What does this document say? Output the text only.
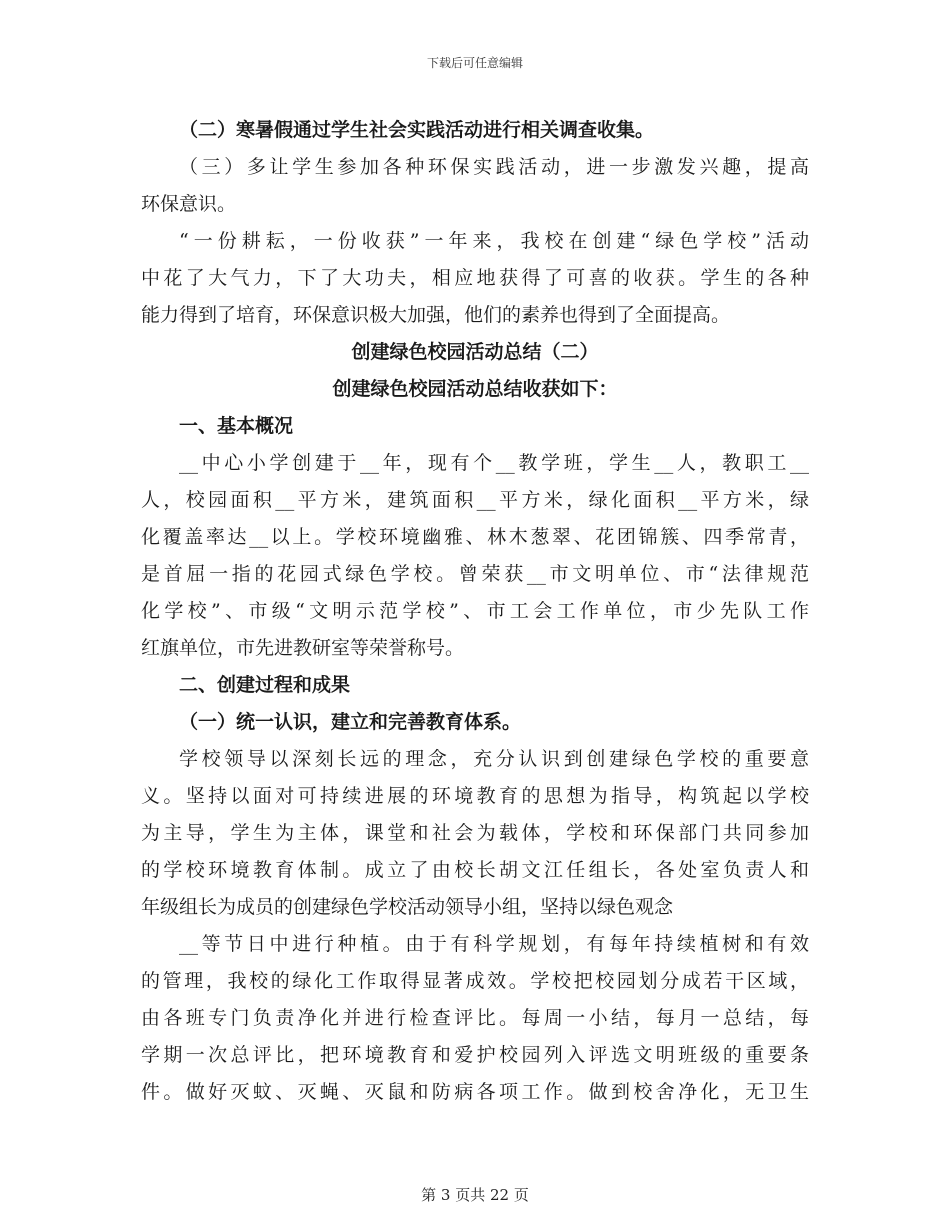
下载后可任意编辑
（二）寒暑假通过学生社会实践活动进行相关调查收集。
（三）多让学生参加各种环保实践活动，进一步激发兴趣，提高
环保意识。
“一份耕耘，一份收获”一年来，我校在创建“绿色学校”活动
中花了大气力，下了大功夫，相应地获得了可喜的收获。学生的各种
能力得到了培育，环保意识极大加强，他们的素养也得到了全面提高。
创建绿色校园活动总结（二）
创建绿色校园活动总结收获如下：
一、基本概况
__中心小学创建于__年，现有个__教学班，学生__人，教职工__
人，校园面积__平方米，建筑面积__平方米，绿化面积__平方米，绿
化覆盖率达__以上。学校环境幽雅、林木葱翠、花团锦簇、四季常青，
是首屈一指的花园式绿色学校。曾荣获__市文明单位、市“法律规范
化学校”、市级“文明示范学校”、市工会工作单位，市少先队工作
红旗单位，市先进教研室等荣誉称号。
二、创建过程和成果
（一）统一认识，建立和完善教育体系。
学校领导以深刻长远的理念，充分认识到创建绿色学校的重要意
义。坚持以面对可持续进展的环境教育的思想为指导，构筑起以学校
为主导，学生为主体，课堂和社会为载体，学校和环保部门共同参加
的学校环境教育体制。成立了由校长胡文江任组长，各处室负责人和
年级组长为成员的创建绿色学校活动领导小组，坚持以绿色观念
__等节日中进行种植。由于有科学规划，有每年持续植树和有效
的管理，我校的绿化工作取得显著成效。学校把校园划分成若干区域，
由各班专门负责净化并进行检查评比。每周一小结，每月一总结，每
学期一次总评比，把环境教育和爱护校园列入评选文明班级的重要条
件。做好灭蚊、灭蝇、灭鼠和防病各项工作。做到校舍净化，无卫生
第 3 页共 22 页
